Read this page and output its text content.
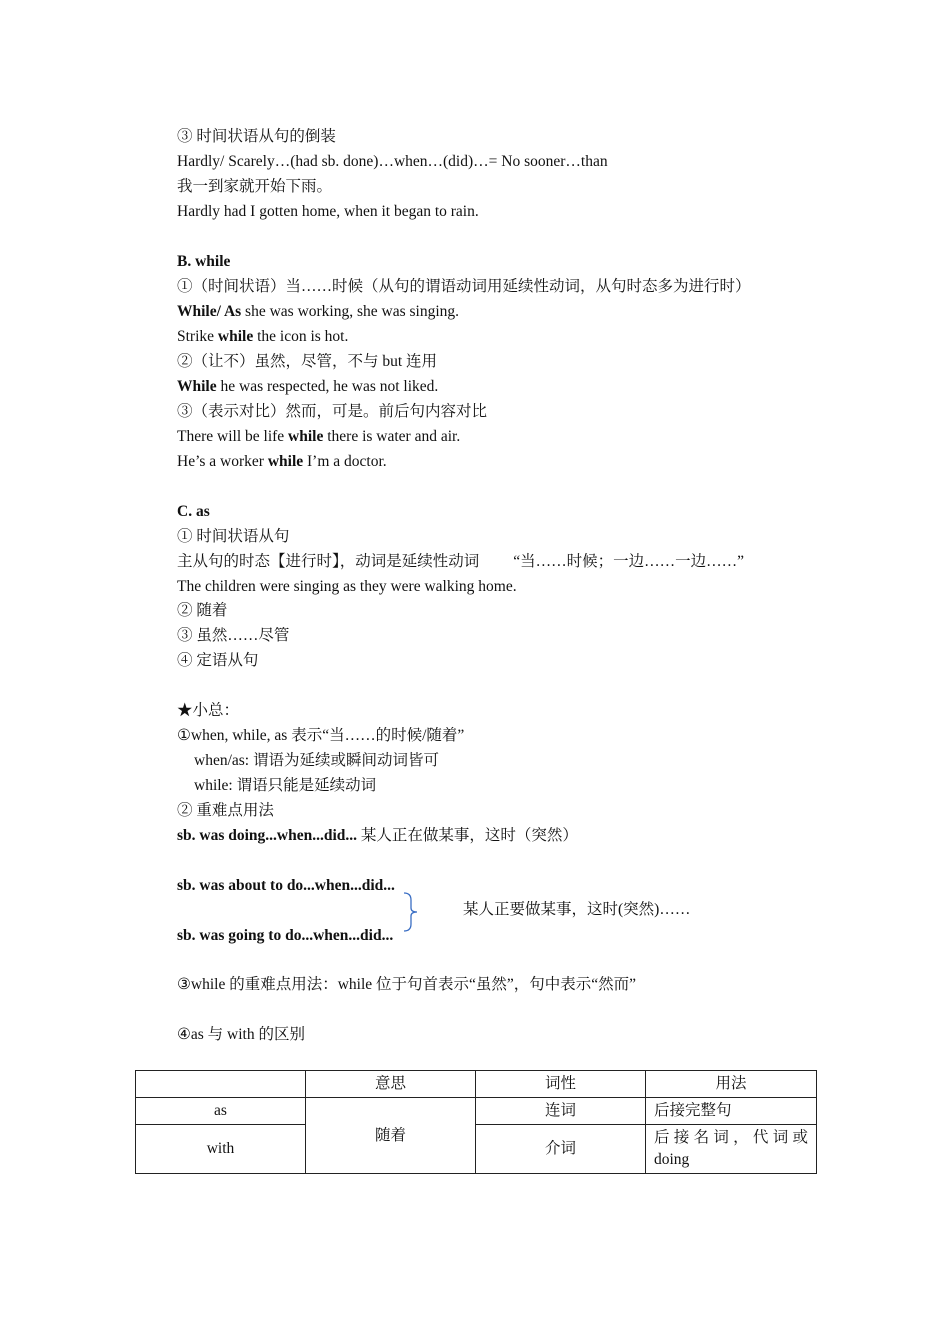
③ 时间状语从句的倒装
Hardly/ Scarely…(had sb. done)…when…(did)…= No sooner…than
我一到家就开始下雨。
Hardly had I gotten home, when it began to rain.
B. while
①（时间状语）当……时候（从句的谓语动词用延续性动词，从句时态多为进行时）
While/ As she was working, she was singing.
Strike while the icon is hot.
②（让不）虽然，尽管，不与 but 连用
While he was respected, he was not liked.
③（表示对比）然而，可是。前后句内容对比
There will be life while there is water and air.
He’s a worker while I’m a doctor.
C. as
① 时间状语从句
主从句的时态【进行时】，动词是延续性动词 “当……时候；一边……一边……”
The children were singing as they were walking home.
② 随着
③ 虽然……尽管
④ 定语从句
★小总：
①when, while, as 表示“当……的时候/随着”
when/as: 谓语为延续或瞬间动词皆可
while: 谓语只能是延续动词
② 重难点用法
sb. was doing...when...did... 某人正在做某事，这时（突然）
sb. was about to do...when...did...
sb. was going to do...when...did...
某人正要做某事，这时(突然)……
③while 的重难点用法：while 位于句首表示“虽然”，句中表示“然而”
④as 与 with 的区别
	意思	词性	用法
as	随着	连词	后接完整句
with		介词	后接名词，代词或 doing
